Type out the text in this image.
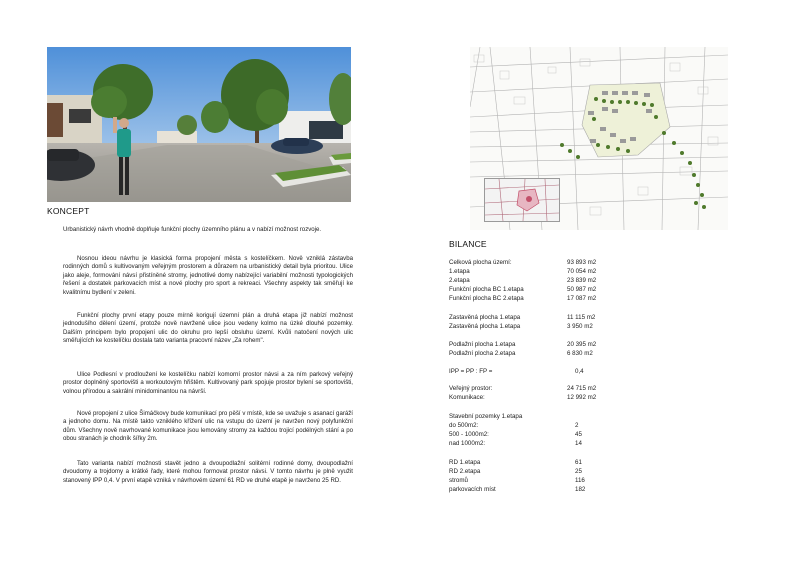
KONCEPT

Urbanistický návrh vhodně doplňuje funkční plochy územního plánu a v nabízí možnost rozvoje.

Nosnou ideou návrhu je klasická forma propojení města s kostelíčkem. Nově vzniklá zástavba rodinných domů s kultivovaným veřejným prostorem a důrazem na urbanistický detail byla prioritou. Ulice jako aleje, formování návsí přistíněné stromy, jednotlivé domy nabízející variabilní možnosti typologických řešení a dostatek parkovacích míst a nové plochy pro sport a rekreaci. Všechny aspekty tak směřují ke kvalitnímu bydlení v zeleni.

Funkční plochy první etapy pouze mírně korigují územní plán a druhá etapa již nabízí možnost jednodušího dělení území, protože nově navržené ulice jsou vedeny kolmo na úzké dlouhé pozemky. Dalším principem bylo propojení ulic do okruhu pro lepší obsluhu území. Kvůli natočení nových ulic směřujících ke kostelíčku dostala tato varianta pracovní název „Za rohem".

Ulice Podlesní v prodloužení ke kostelíčku nabízí komorní prostor návsi a za ním parkový veřejný prostor doplněný sportovišti a workoutovým hřištěm. Kultivovaný park spojuje prostor bylení se sportovišti, volnou přírodou a sakrální minidominantou na návrší.

Nové propojení z ulice Šimáčkovy bude komunikací pro pěší v místě, kde se uvažuje s asanací garáží a jednoho domu. Na místě takto vzniklého křížení ulic na vstupu do území je navržen nový polyfunkční dům. Všechny nově navrhované komunikace jsou lemovány stromy za každou trojicí podélných stání a po obou stranách je chodník šířky 2m.

Tato varianta nabízí možnosti stavět jedno a dvoupodlažní solitérní rodinné domy, dvoupodlažní dvoudomy a trojdomy a krátké řady, které mohou formovat prostor návsi. V tomto návrhu je plně využit stanovený IPP 0,4. V první etapě vzniká v návrhovém území 61 RD ve druhé etapě je navrženo 25 RD.

BILANCE
Celková plocha území:	93 893 m2
1.etapa	70 054 m2
2.etapa	23 839 m2
Funkční plocha BC 1.etapa	50 987 m2
Funkční plocha BC 2.etapa	17 087 m2
Zastavěná plocha 1.etapa	11 115 m2
Zastavěná plocha 1.etapa	3 950 m2
Podlažní plocha 1.etapa	20 395 m2
Podlažní plocha 2.etapa	6 830 m2
IPP = PP : FP =	0,4
Veřejný prostor:	24 715 m2
Komunikace:	12 992 m2
Stavební pozemky 1.etapa
do 500m2:	2
500 - 1000m2:	45
nad 1000m2:	14
RD 1.etapa	61
RD 2.etapa	25
stromů	116
parkovacích míst	182
